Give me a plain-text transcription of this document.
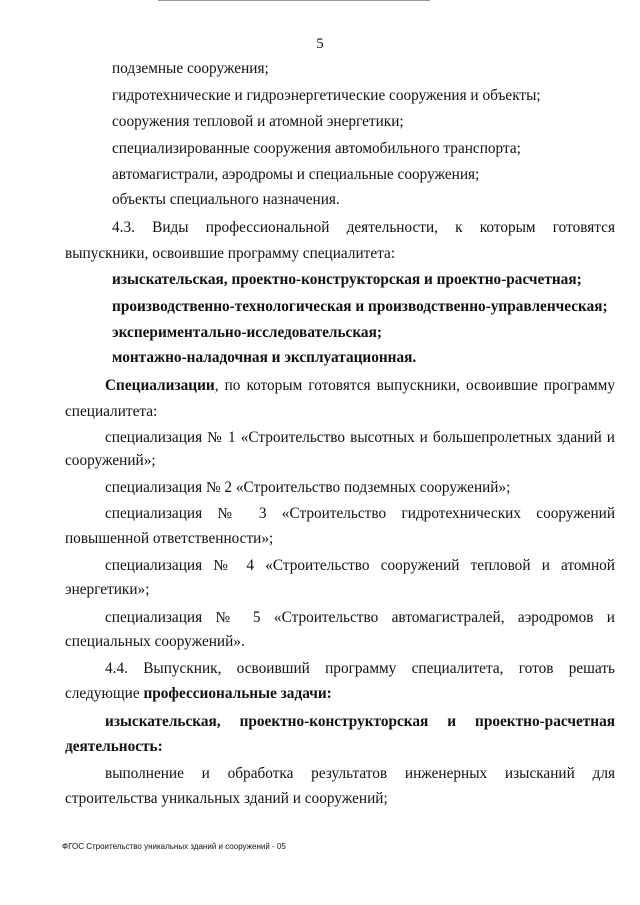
5
подземные сооружения;
гидротехнические и гидроэнергетические сооружения и объекты;
сооружения тепловой и атомной энергетики;
специализированные сооружения автомобильного транспорта;
автомагистрали, аэродромы и специальные сооружения;
объекты специального назначения.
4.3. Виды профессиональной деятельности, к которым готовятся
выпускники, освоившие программу специалитета:
изыскательская, проектно-конструкторская и проектно-расчетная;
производственно-технологическая и производственно-управленческая;
экспериментально-исследовательская;
монтажно-наладочная и эксплуатационная.
Специализации, по которым готовятся выпускники, освоившие программу
специалитета:
специализация № 1 «Строительство высотных и большепролетных зданий и
сооружений»;
специализация № 2 «Строительство подземных сооружений»;
специализация № 3 «Строительство гидротехнических сооружений
повышенной ответственности»;
специализация № 4 «Строительство сооружений тепловой и атомной
энергетики»;
специализация № 5 «Строительство автомагистралей, аэродромов и
специальных сооружений».
4.4. Выпускник, освоивший программу специалитета, готов решать
следующие профессиональные задачи:
изыскательская, проектно-конструкторская и проектно-расчетная
деятельность:
выполнение и обработка результатов инженерных изысканий для
строительства уникальных зданий и сооружений;
ФГОС Строительство уникальных зданий и сооружений - 05
